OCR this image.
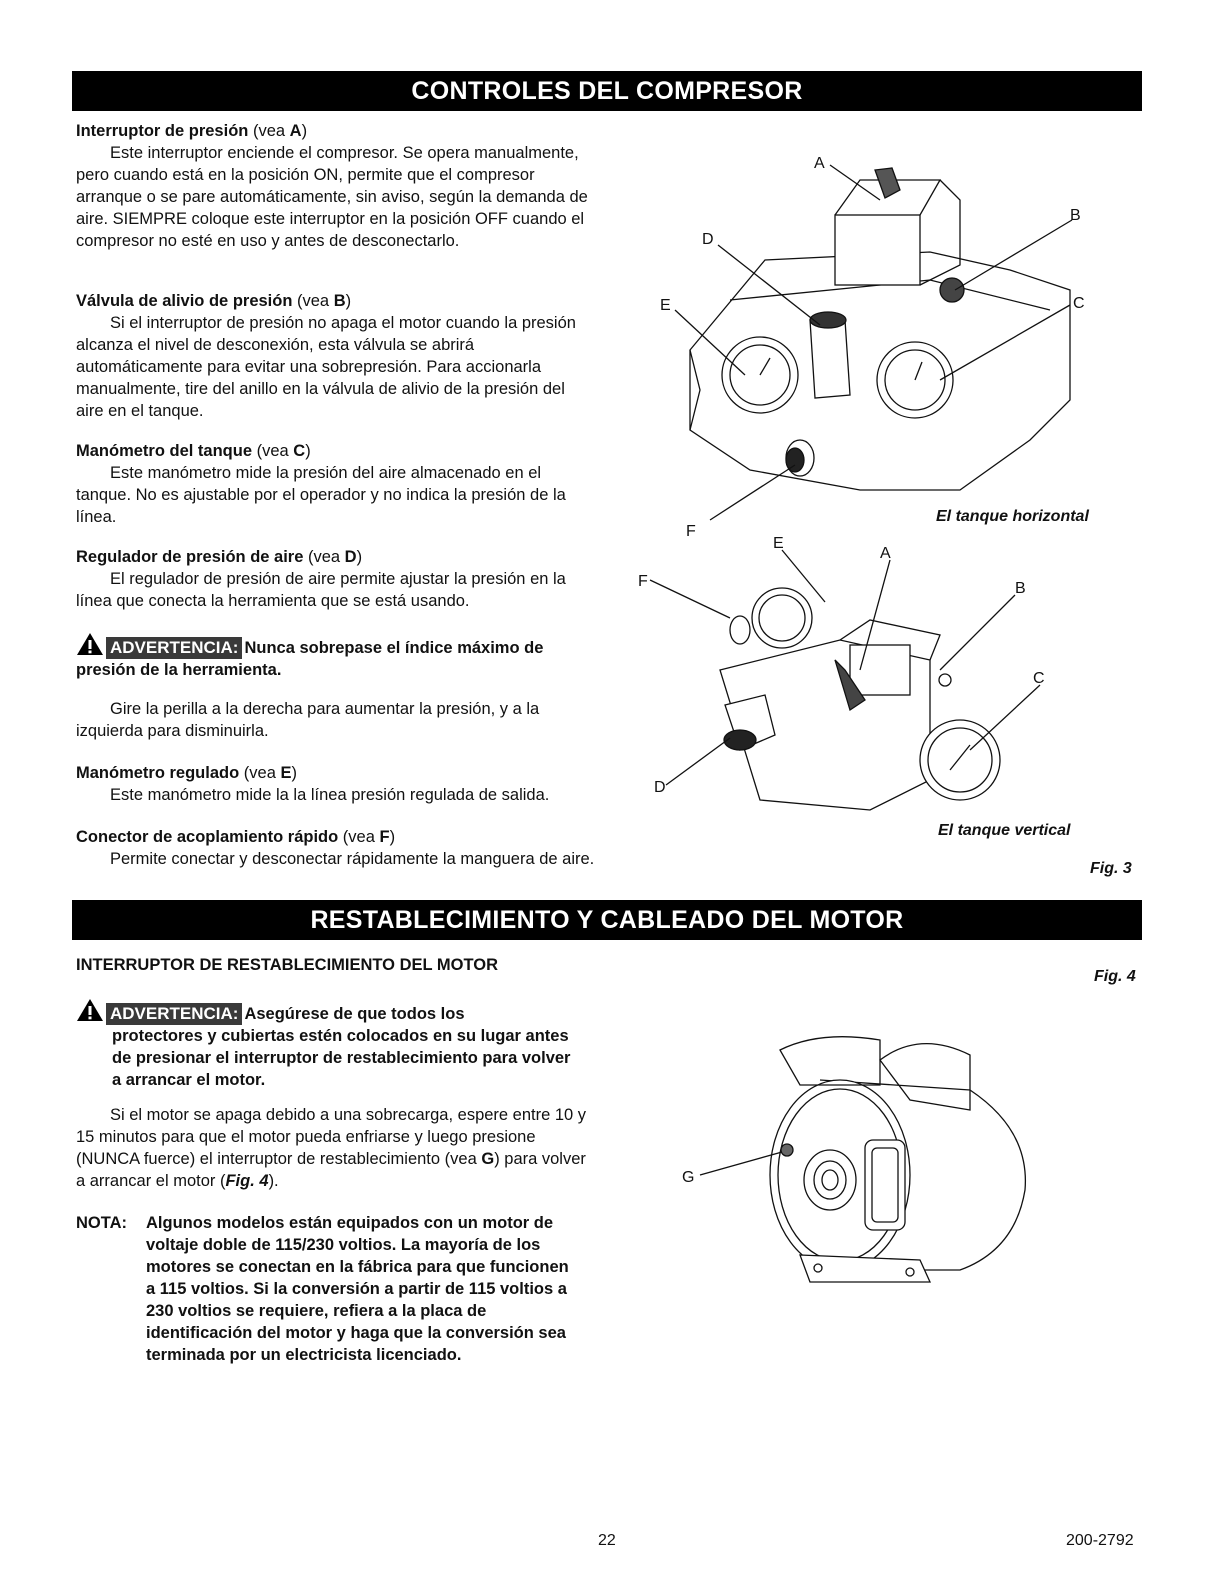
CONTROLES DEL COMPRESOR
Interruptor de presión (vea A)

Este interruptor enciende el compresor. Se opera manualmente, pero cuando está en la posición ON, permite que el compresor arranque o se pare automáticamente, sin aviso, según la demanda de aire. SIEMPRE coloque este interruptor en la posición OFF cuando el compresor no esté en uso y antes de desconectarlo.

Válvula de alivio de presión (vea B)

Si el interruptor de presión no apaga el motor cuando la presión alcanza el nivel de desconexión, esta válvula se abrirá automáticamente para evitar una sobrepresión. Para accionarla manualmente, tire del anillo en la válvula de alivio de la presión del aire en el tanque.

Manómetro del tanque (vea C)

Este manómetro mide la presión del aire almacenado en el tanque. No es ajustable por el operador y no indica la presión de la línea.

Regulador de presión de aire (vea D)

El regulador de presión de aire permite ajustar la presión en la línea que conecta la herramienta que se está usando.

ADVERTENCIA: Nunca sobrepase el índice máximo de presión de la herramienta.

Gire la perilla a la derecha para aumentar la presión, y a la izquierda para disminuirla.

Manómetro regulado (vea E)

Este manómetro mide la la línea presión regulada de salida.

Conector de acoplamiento rápido (vea F)

Permite conectar y desconectar rápidamente la manguera de aire.

A
B
C
D
E
F
E
A
B
C
F
D
El tanque horizontal
El tanque vertical
Fig. 3
RESTABLECIMIENTO Y CABLEADO DEL MOTOR
INTERRUPTOR DE RESTABLECIMIENTO DEL MOTOR
ADVERTENCIA: Asegúrese de que todos los
protectores y cubiertas estén colocados en su lugar antes de presionar el interruptor de restablecimiento para volver a arrancar el motor.

Si el motor se apaga debido a una sobrecarga, espere entre 10 y 15 minutos para que el motor pueda enfriarse y luego presione (NUNCA fuerce) el interruptor de restablecimiento (vea G) para volver a arrancar el motor (Fig. 4).

NOTA: Algunos modelos están equipados con un motor de voltaje doble de 115/230 voltios. La mayoría de los motores se conectan en la fábrica para que funcionen a 115 voltios. Si la conversión a partir de 115 voltios a 230 voltios se requiere, refiera a la placa de identificación del motor y haga que la conversión sea terminada por un electricista licenciado.
Fig. 4
G
22	200-2792
